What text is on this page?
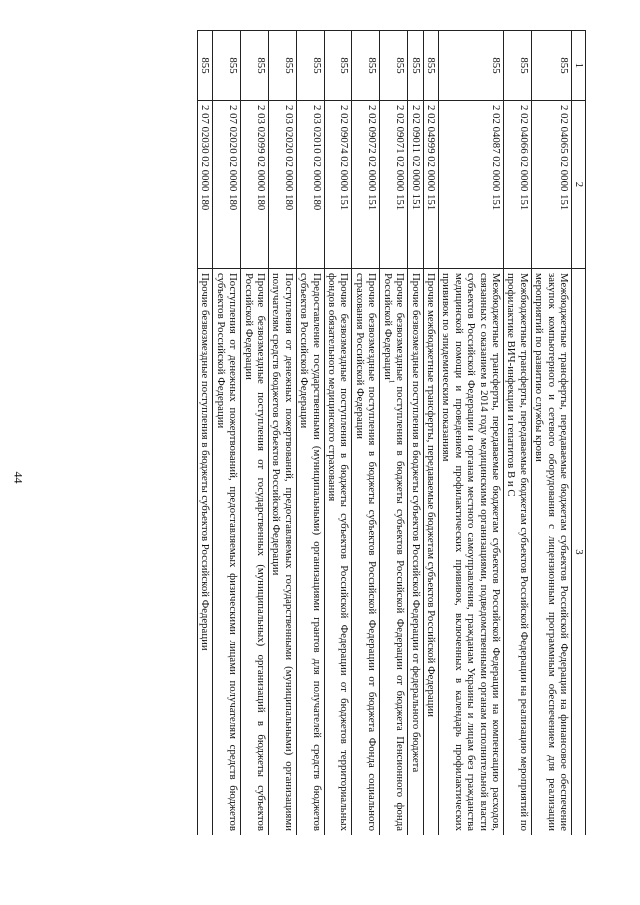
44
1	2	3
855	2 02 04065 02 0000 151	Межбюджетные трансферты, передаваемые бюджетам субъектов Российской Федерации на финансовое обеспечение закупок компьютерного и сетевого оборудования с лицензионным программным обеспечением для реализации мероприятий по развитию службы крови
855	2 02 04066 02 0000 151	Межбюджетные трансферты, передаваемые бюджетам субъектов Российской Федерации на реализацию мероприятий по профилактике ВИЧ-инфекции и гепатитов B и C
855	2 02 04087 02 0000 151	Межбюджетные трансферты, передаваемые бюджетам субъектов Российской Федерации на компенсацию расходов, связанных с оказанием в 2014 году медицинскими организациями, подведомственными органам исполнительной власти субъектов Российской Федерации и органам местного самоуправления, гражданам Украины и лицам без гражданства медицинской помощи и проведением профилактических прививок, включенных в календарь профилактических прививок по эпидемическим показаниям
855	2 02 04999 02 0000 151	Прочие межбюджетные трансферты, передаваемые бюджетам субъектов Российской Федерации
855	2 02 09011 02 0000 151	Прочие безвозмездные поступления в бюджеты субъектов Российской Федерации от федерального бюджета
855	2 02 09071 02 0000 151	Прочие безвозмездные поступления в бюджеты субъектов Российской Федерации от бюджета Пенсионного фонда Российской Федерации$^1$
855	2 02 09072 02 0000 151	Прочие безвозмездные поступления в бюджеты субъектов Российской Федерации от бюджета Фонда социального страхования Российской Федерации
855	2 02 09074 02 0000 151	Прочие безвозмездные поступления в бюджеты субъектов Российской Федерации от бюджетов территориальных фондов обязательного медицинского страхования
855	2 03 02010 02 0000 180	Предоставление государственными (муниципальными) организациями грантов для получателей средств бюджетов субъектов Российской Федерации
855	2 03 02020 02 0000 180	Поступления от денежных пожертвований, предоставляемых государственными (муниципальными) организациями получателям средств бюджетов субъектов Российской Федерации
855	2 03 02099 02 0000 180	Прочие безвозмездные поступления от государственных (муниципальных) организаций в бюджеты субъектов Российской Федерации
855	2 07 02020 02 0000 180	Поступления от денежных пожертвований, предоставляемых физическими лицами получателям средств бюджетов субъектов Российской Федерации
855	2 07 02030 02 0000 180	Прочие безвозмездные поступления в бюджеты субъектов Российской Федерации
